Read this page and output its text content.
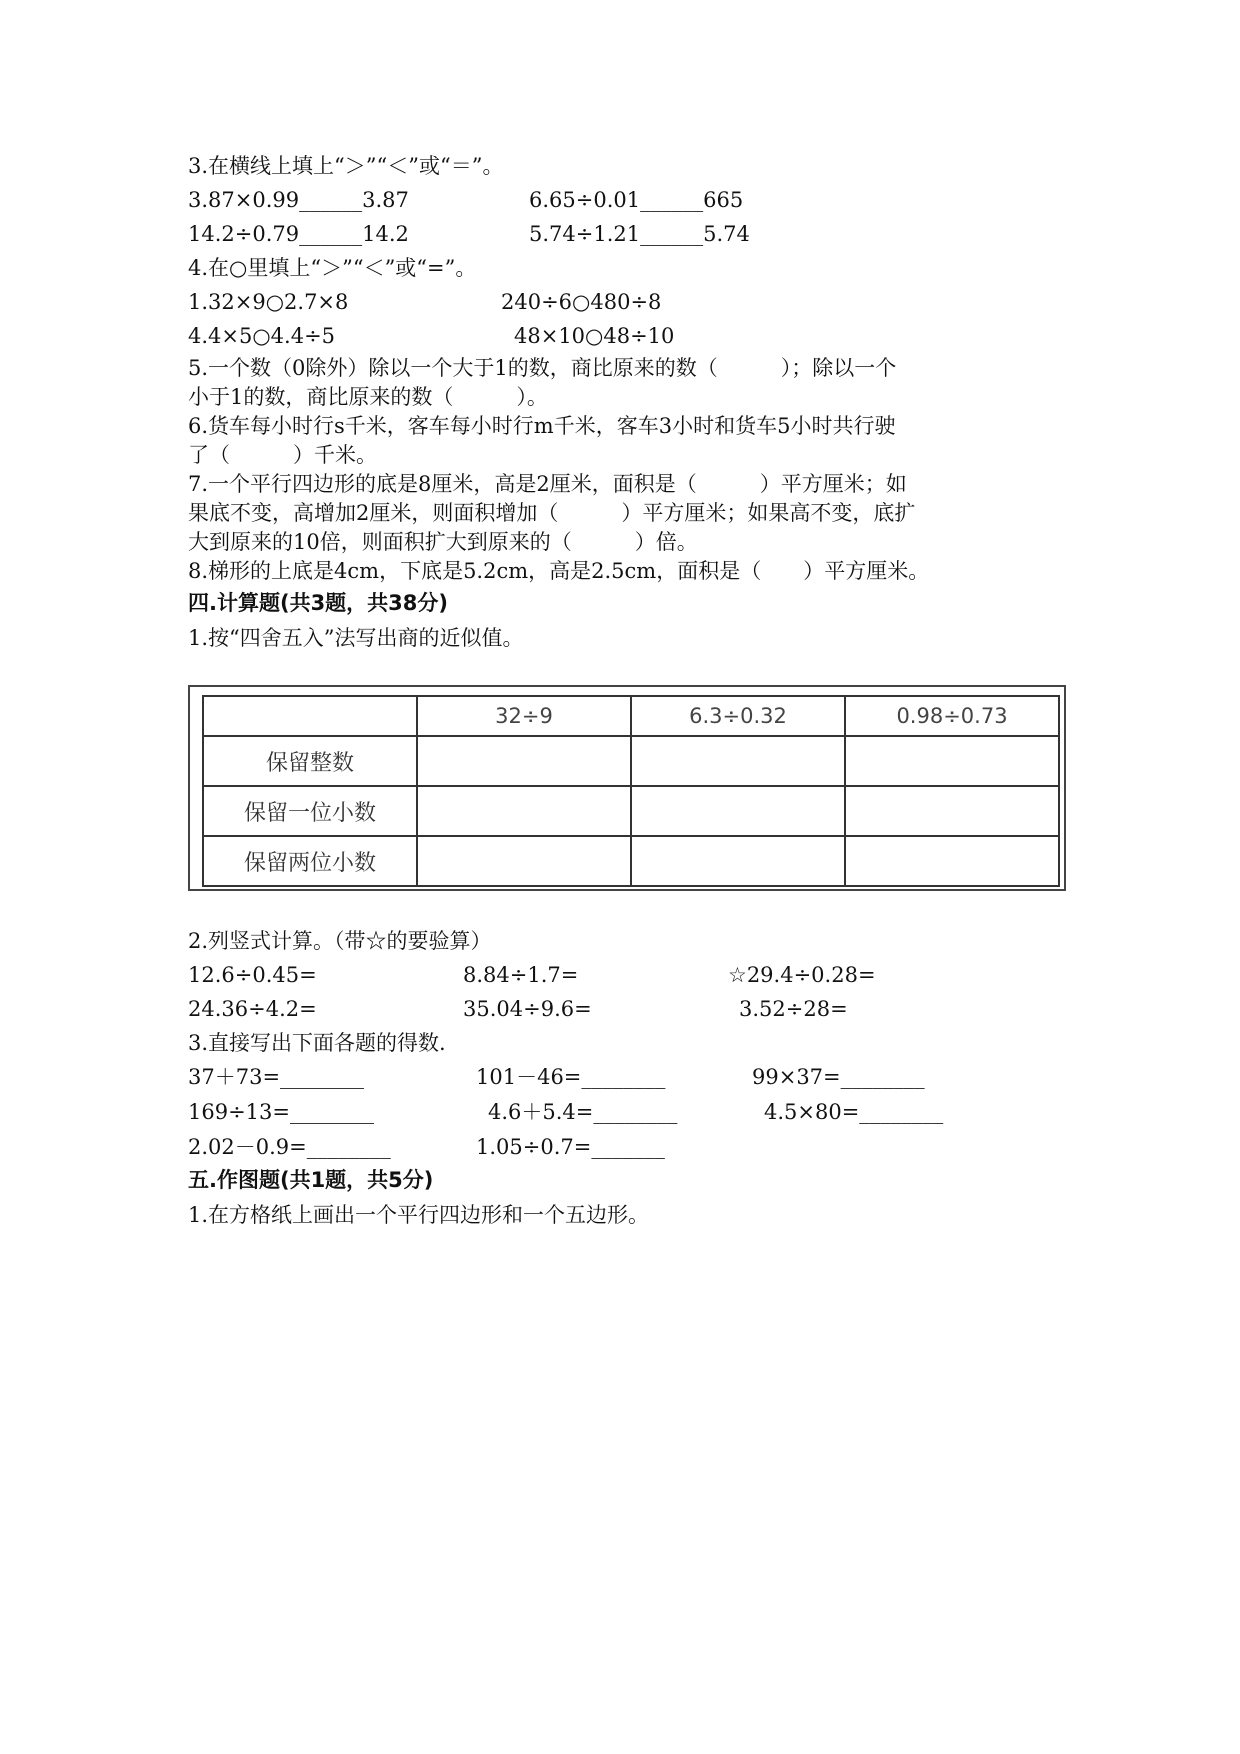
3.在横线上填上“＞”“＜”或“＝”。
3.87×0.99______3.87	6.65÷0.01______665
14.2÷0.79______14.2	5.74÷1.21______5.74
4.在○里填上“＞”“＜”或“=”。
1.32×9○2.7×8	240÷6○480÷8
4.4×5○4.4÷5	48×10○48÷10
5.一个数（0除外）除以一个大于1的数，商比原来的数（　　　）；除以一个
小于1的数，商比原来的数（　　　）。
6.货车每小时行s千米，客车每小时行m千米，客车3小时和货车5小时共行驶
了（　　　）千米。
7.一个平行四边形的底是8厘米，高是2厘米，面积是（　　　）平方厘米；如
果底不变，高增加2厘米，则面积增加（　　　）平方厘米；如果高不变，底扩
大到原来的10倍，则面积扩大到原来的（　　　）倍。
8.梯形的上底是4cm，下底是5.2cm，高是2.5cm，面积是（　　）平方厘米。
四.计算题(共3题，共38分)
1.按“四舍五入”法写出商的近似值。
	32÷9	6.3÷0.32	0.98÷0.73
保留整数			
保留一位小数			
保留两位小数			
2.列竖式计算。（带☆的要验算）
12.6÷0.45=	8.84÷1.7=	☆29.4÷0.28=
24.36÷4.2=	35.04÷9.6=	3.52÷28=
3.直接写出下面各题的得数.
37＋73=________	101－46=________	99×37=________
169÷13=________	4.6＋5.4=________	4.5×80=________
2.02－0.9=________	1.05÷0.7=_______
五.作图题(共1题，共5分)
1.在方格纸上画出一个平行四边形和一个五边形。
